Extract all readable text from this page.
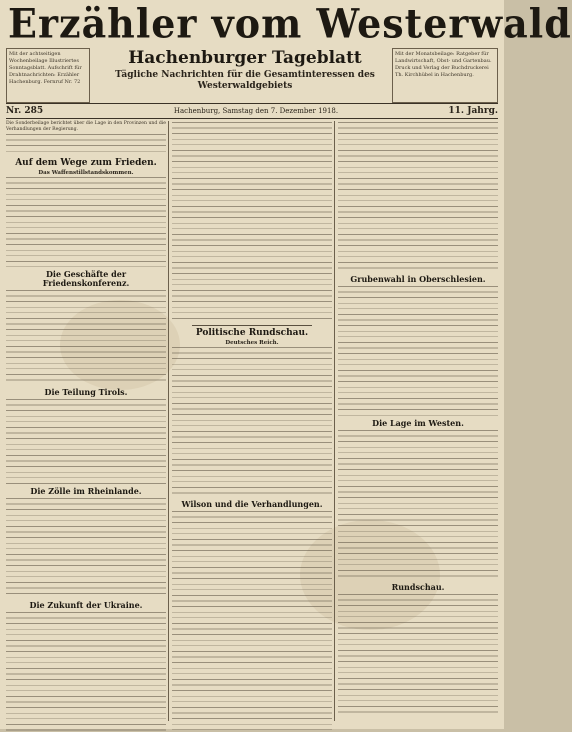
Erzähler vom Westerwald
Mit der achtseitigen Wochenbeilage Illustriertes Sonntagsblatt. Aufschrift für Drahtnachrichten: Erzähler Hachenburg. Fernruf Nr. 72
Hachenburger Tageblatt
Tägliche Nachrichten für die Gesamtinteressen des Westerwaldgebiets
Mit der Monatsbeilage: Ratgeber für Landwirtschaft, Obst- und Gartenbau. Druck und Verlag der Buchdruckerei Th. Kirchhübel in Hachenburg.
Nr. 285	Hachenburg, Samstag den 7. Dezember 1918.	11. Jahrg.

Die Sonderbeilage berichtet über die Lage in den Provinzen und die Verhandlungen der Regierung.

Auf dem Wege zum Frieden.
Das Waffenstillstandskommen.
Die Geschäfte der Friedenskonferenz.
Die Teilung Tirols.
Die Zölle im Rheinlande.
Die Zukunft der Ukraine.
Politische Rundschau.
Deutsches Reich.
Wilson und die Verhandlungen.
Grubenwahl in Oberschlesien.
Die Lage im Westen.
Rundschau.
